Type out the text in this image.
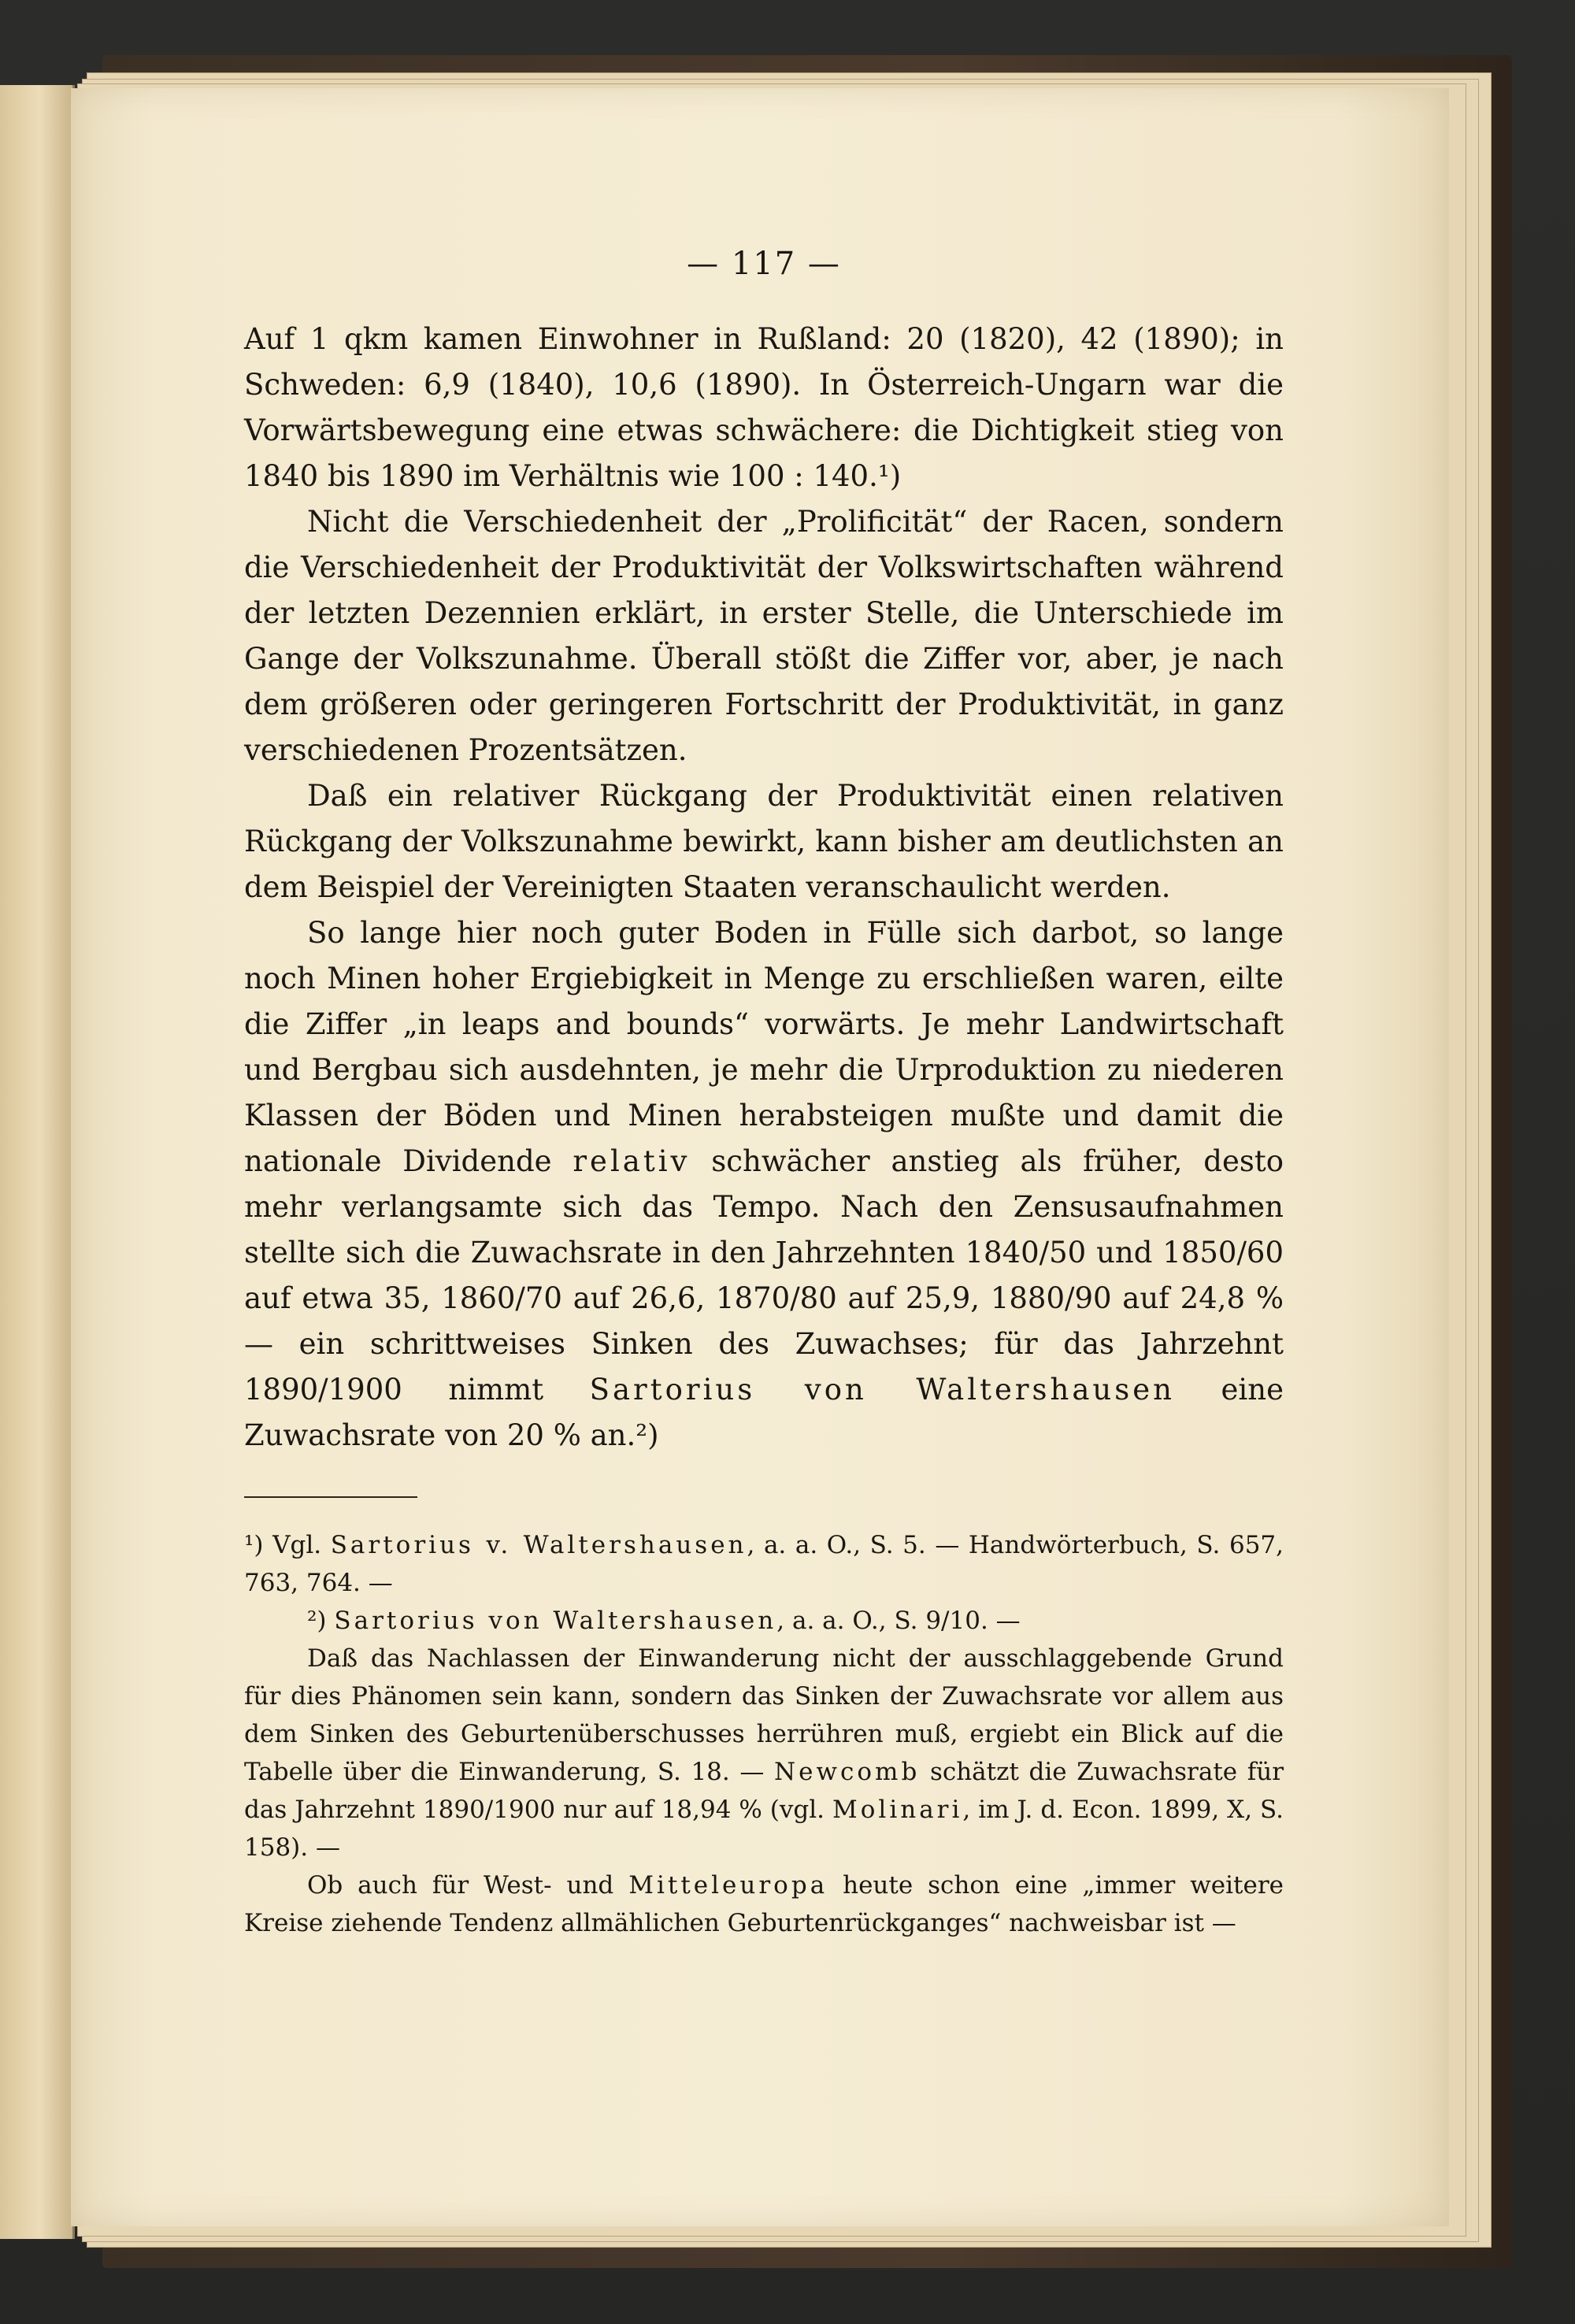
— 117 —

Auf 1 qkm kamen Einwohner in Rußland: 20 (1820), 42 (1890); in Schweden: 6,9 (1840), 10,6 (1890). In Österreich-Ungarn war die Vorwärtsbewegung eine etwas schwächere: die Dichtigkeit stieg von 1840 bis 1890 im Verhältnis wie 100 : 140.¹)

Nicht die Verschiedenheit der „Prolificität“ der Racen, sondern die Verschiedenheit der Produktivität der Volkswirtschaften während der letzten Dezennien erklärt, in erster Stelle, die Unterschiede im Gange der Volkszunahme. Überall stößt die Ziffer vor, aber, je nach dem größeren oder geringeren Fortschritt der Produktivität, in ganz verschiedenen Prozentsätzen.

Daß ein relativer Rückgang der Produktivität einen relativen Rückgang der Volkszunahme bewirkt, kann bisher am deutlichsten an dem Beispiel der Vereinigten Staaten veranschaulicht werden.

So lange hier noch guter Boden in Fülle sich darbot, so lange noch Minen hoher Ergiebigkeit in Menge zu erschließen waren, eilte die Ziffer „in leaps and bounds“ vorwärts. Je mehr Landwirtschaft und Bergbau sich ausdehnten, je mehr die Urproduktion zu niederen Klassen der Böden und Minen herabsteigen mußte und damit die nationale Dividende relativ schwächer anstieg als früher, desto mehr verlangsamte sich das Tempo. Nach den Zensusaufnahmen stellte sich die Zuwachsrate in den Jahrzehnten 1840/50 und 1850/60 auf etwa 35, 1860/70 auf 26,6, 1870/80 auf 25,9, 1880/90 auf 24,8 % — ein schrittweises Sinken des Zuwachses; für das Jahrzehnt 1890/1900 nimmt Sartorius von Waltershausen eine Zuwachsrate von 20 % an.²)

¹) Vgl. Sartorius v. Waltershausen, a. a. O., S. 5. — Handwörterbuch, S. 657, 763, 764. —

²) Sartorius von Waltershausen, a. a. O., S. 9/10. —

Daß das Nachlassen der Einwanderung nicht der ausschlaggebende Grund für dies Phänomen sein kann, sondern das Sinken der Zuwachsrate vor allem aus dem Sinken des Geburtenüberschusses herrühren muß, ergiebt ein Blick auf die Tabelle über die Einwanderung, S. 18. — Newcomb schätzt die Zuwachsrate für das Jahrzehnt 1890/1900 nur auf 18,94 % (vgl. Molinari, im J. d. Econ. 1899, X, S. 158). —

Ob auch für West- und Mitteleuropa heute schon eine „immer weitere Kreise ziehende Tendenz allmählichen Geburtenrückganges“ nachweisbar ist —
